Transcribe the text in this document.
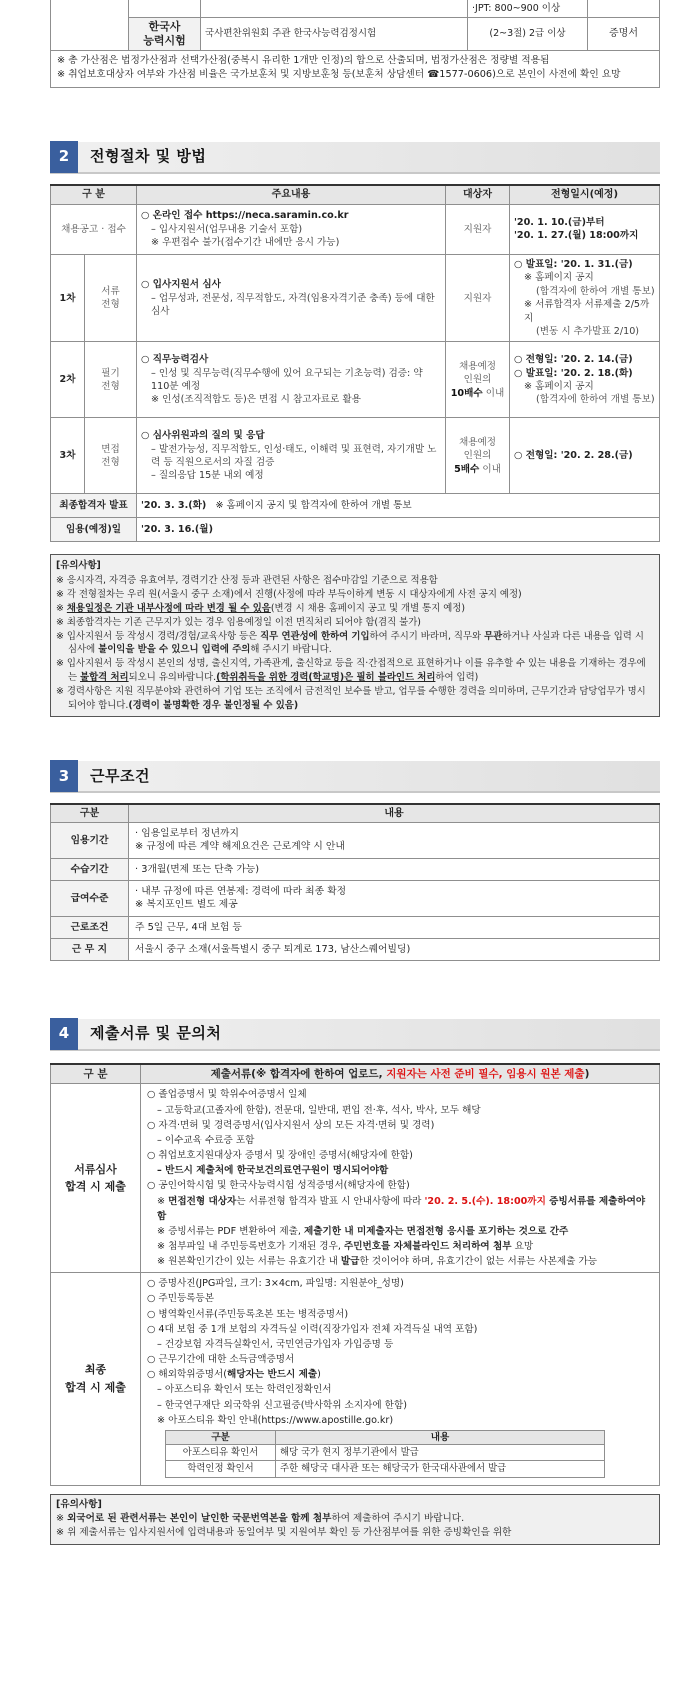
			·JPT: 800~900 이상	
	한국사
능력시험	국사편찬위원회 주관 한국사능력검정시험	(2~3절) 2급 이상	증명서

※ 총 가산점은 법정가산점과 선택가산점(중복시 유리한 1개만 인정)의 합으로 산출되며, 법정가산점은 정량별 적용됨

※ 취업보호대상자 여부와 가산점 비율은 국가보훈처 및 지방보훈청 등(보훈처 상담센터 ☎1577-0606)으로 본인이 사전에 확인 요망

2	전형절차 및 방법
구 분		주요내용	대상자	전형일시(예정)
채용공고 · 접수		○ 온라인 접수 https://neca.saramin.co.kr
– 입사지원서(업무내용 기술서 포함)
※ 우편접수 불가(접수기간 내에만 응시 가능)	지원자	'20. 1. 10.(금)부터
'20. 1. 27.(월) 18:00까지

1차	서류
전형	○ 입사지원서 심사
– 업무성과, 전문성, 직무적합도, 자격(임용자격기준 충족) 등에 대한 심사	지원자	○ 발표일: '20. 1. 31.(금)
※ 홈페이지 공지
(합격자에 한하여 개별 통보)
※ 서류합격자 서류제출 2/5까지
(변동 시 추가발표 2/10)

2차	필기
전형	○ 직무능력검사
– 인성 및 직무능력(직무수행에 있어 요구되는 기초능력) 검증: 약 110분 예정
※ 인성(조직적합도 등)은 면접 시 참고자료로 활용	채용예정
인원의
10배수 이내	○ 전형일: '20. 2. 14.(금)
○ 발표일: '20. 2. 18.(화)
※ 홈페이지 공지
(합격자에 한하여 개별 통보)

3차	면접
전형	○ 심사위원과의 질의 및 응답
– 발전가능성, 직무적합도, 인성·태도, 이해력 및 표현력, 자기개발 노력 등 직원으로서의 자질 검증
– 질의응답 15분 내외 예정	채용예정
인원의
5배수 이내	○ 전형일: '20. 2. 28.(금)

최종합격자 발표		'20. 3. 3.(화) ※ 홈페이지 공지 및 합격자에 한하여 개별 통보		
임용(예정)일		'20. 3. 16.(월)		
[유의사항]

※ 응시자격, 자격증 유효여부, 경력기간 산정 등과 관련된 사항은 접수마감일 기준으로 적용함

※ 각 전형절차는 우리 원(서울시 중구 소재)에서 진행(사정에 따라 부득이하게 변동 시 대상자에게 사전 공지 예정)

※ 채용일정은 기관 내부사정에 따라 변경 될 수 있음(변경 시 채용 홈페이지 공고 및 개별 통지 예정)

※ 최종합격자는 기존 근무지가 있는 경우 임용예정일 이전 면직처리 되어야 함(겸직 불가)

※ 입사지원서 등 작성시 경력/경험/교육사항 등은 직무 연관성에 한하여 기입하여 주시기 바라며, 직무와 무관하거나 사실과 다른 내용을 입력 시 심사에 불이익을 받을 수 있으니 입력에 주의해 주시기 바랍니다.

※ 입사지원서 등 작성시 본인의 성명, 출신지역, 가족관계, 출신학교 등을 직·간접적으로 표현하거나 이를 유추할 수 있는 내용을 기재하는 경우에는 불합격 처리되오니 유의바랍니다.(학위취득을 위한 경력(학교명)은 필히 블라인드 처리하여 입력)

※ 경력사항은 지원 직무분야와 관련하여 기업 또는 조직에서 금전적인 보수를 받고, 업무를 수행한 경력을 의미하며, 근무기간과 담당업무가 명시되어야 합니다.(경력이 불명확한 경우 불인정될 수 있음)

3	근무조건
구분	내용
임용기간	· 임용일로부터 정년까지
※ 규정에 따른 계약 해제요건은 근로계약 시 안내

수습기간	· 3개월(면제 또는 단축 가능)
급여수준	· 내부 규정에 따른 연봉제: 경력에 따라 최종 확정
※ 복지포인트 별도 제공

근로조건	주 5일 근무, 4대 보험 등
근 무 지	서울시 중구 소재(서울특별시 중구 퇴계로 173, 남산스퀘어빌딩)
4	제출서류 및 문의처
구 분	제출서류(※ 합격자에 한하여 업로드, 지원자는 사전 준비 필수, 임용시 원본 제출)

서류심사
합격 시 제출

○ 졸업증명서 및 학위수여증명서 일체
– 고등학교(고졸자에 한함), 전문대, 일반대, 편입 전·후, 석사, 박사, 모두 해당
○ 자격·면허 및 경력증명서(입사지원서 상의 모든 자격·면허 및 경력)
– 이수교육 수료증 포함
○ 취업보호지원대상자 증명서 및 장애인 증명서(해당자에 한함)
– 반드시 제출처에 한국보건의료연구원이 명시되어야함
○ 공인어학시험 및 한국사능력시험 성적증명서(해당자에 한함)
※ 면접전형 대상자는 서류전형 합격자 발표 시 안내사항에 따라 '20. 2. 5.(수). 18:00까지 증빙서류를 제출하여야 함
※ 증빙서류는 PDF 변환하여 제출, 제출기한 내 미제출자는 면접전형 응시를 포기하는 것으로 간주
※ 첨부파일 내 주민등록번호가 기재된 경우, 주민번호를 자체블라인드 처리하여 첨부 요망
※ 원본확인기간이 있는 서류는 유효기간 내 발급한 것이어야 하며, 유효기간이 없는 서류는 사본제출 가능

최종
합격 시 제출

○ 증명사진(JPG파일, 크기: 3×4cm, 파일명: 지원분야_성명)
○ 주민등록등본
○ 병역확인서류(주민등록초본 또는 병적증명서)
○ 4대 보험 중 1개 보험의 자격득실 이력(직장가입자 전체 자격득실 내역 포함)
– 건강보험 자격득실확인서, 국민연금가입자 가입증명 등
○ 근무기간에 대한 소득금액증명서
○ 해외학위증명서(해당자는 반드시 제출)
– 아포스티유 확인서 또는 학력인정확인서
– 한국연구재단 외국학위 신고필증(박사학위 소지자에 한함)
※ 아포스티유 확인 안내(https://www.apostille.go.kr)
구분	내용
아포스티유 확인서	해당 국가 현지 정부기관에서 발급
학력인정 확인서	주한 해당국 대사관 또는 해당국가 한국대사관에서 발급
[유의사항]

※ 외국어로 된 관련서류는 본인이 날인한 국문번역본을 함께 첨부하여 제출하여 주시기 바랍니다.

※ 위 제출서류는 입사지원서에 입력내용과 동일여부 및 지원여부 확인 등 가산점부여를 위한 증빙확인을 위한
